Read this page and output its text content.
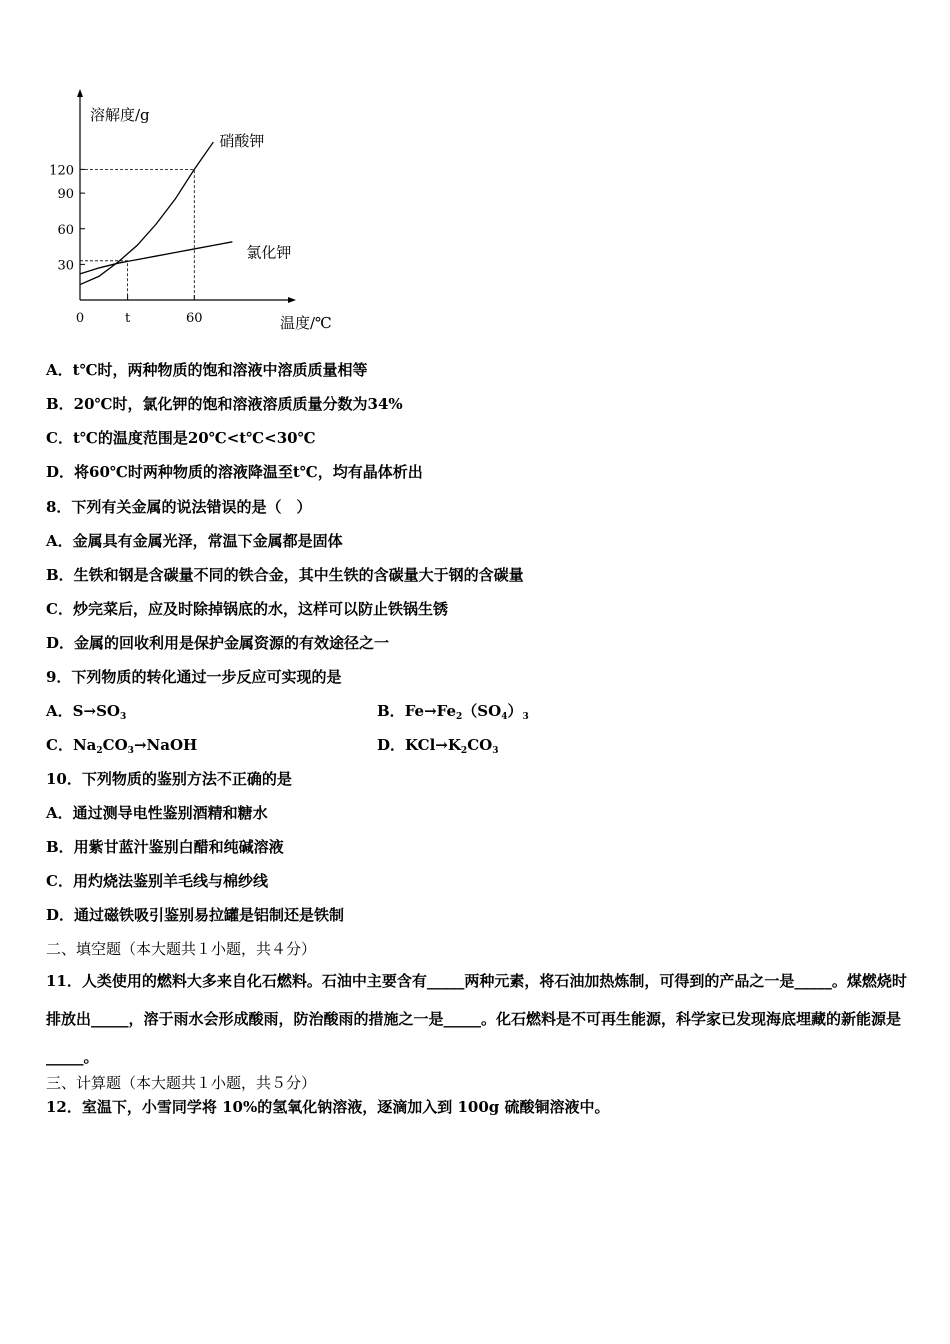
120
90
60
30
0	t	60
溶解度/g
温度/℃
硝酸钾
氯化钾
A．t℃时，两种物质的饱和溶液中溶质质量相等
B．20℃时，氯化钾的饱和溶液溶质质量分数为34%
C．t℃的温度范围是20℃<t℃<30℃
D．将60℃时两种物质的溶液降温至t℃，均有晶体析出
8．下列有关金属的说法错误的是（　）
A．金属具有金属光泽，常温下金属都是固体
B．生铁和钢是含碳量不同的铁合金，其中生铁的含碳量大于钢的含碳量
C．炒完菜后，应及时除掉锅底的水，这样可以防止铁锅生锈
D．金属的回收利用是保护金属资源的有效途径之一
9．下列物质的转化通过一步反应可实现的是
A．$S\to SO_3$	B．$Fe\to Fe_2(SO_4)_3$
C．$Na_2CO_3\to NaOH$	D．$KCl\to K_2CO_3$
10．下列物质的鉴别方法不正确的是
A．通过测导电性鉴别酒精和糖水
B．用紫甘蓝汁鉴别白醋和纯碱溶液
C．用灼烧法鉴别羊毛线与棉纱线
D．通过磁铁吸引鉴别易拉罐是铝制还是铁制
二、填空题（本大题共１小题，共４分）
11．人类使用的燃料大多来自化石燃料。石油中主要含有_____两种元素，将石油加热炼制，可得到的产品之一是_____。煤燃烧时排放出_____，溶于雨水会形成酸雨，防治酸雨的措施之一是_____。化石燃料是不可再生能源，科学家已发现海底埋藏的新能源是_____。
三、计算题（本大题共１小题，共５分）
12．室温下，小雪同学将 10%的氢氧化钠溶液，逐滴加入到 100g 硫酸铜溶液中。
